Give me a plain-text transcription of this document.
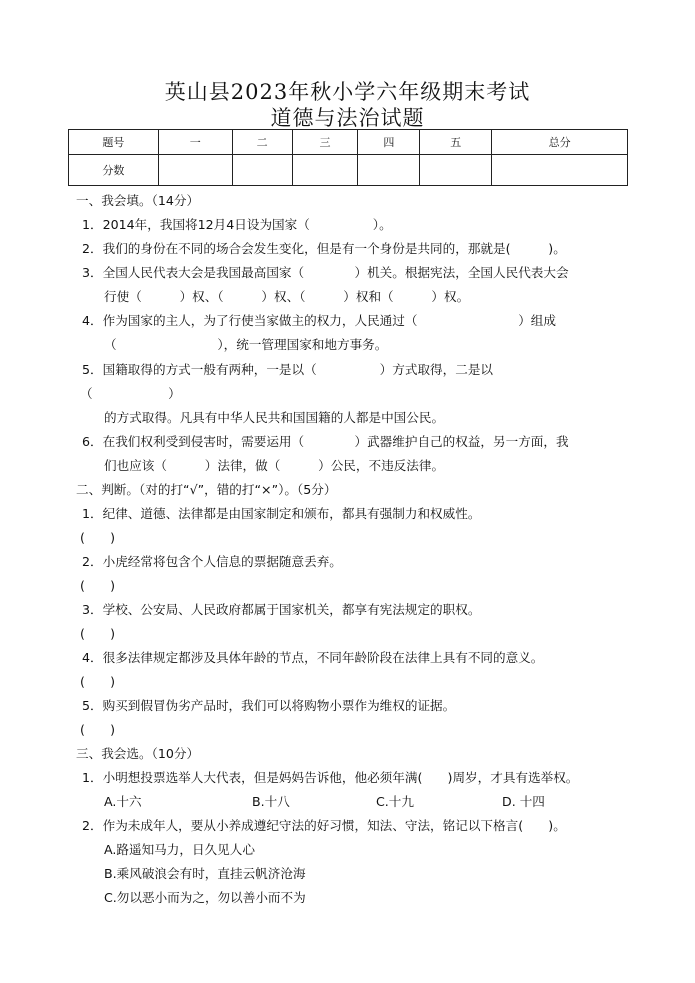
英山县2023年秋小学六年级期末考试
道德与法治试题
题号	一	二	三	四	五	总分
分数						
一、我会填。（14分）
1．2014年，我国将12月4日设为国家（　　　　　）。
2．我们的身份在不同的场合会发生变化，但是有一个身份是共同的，那就是(　　　)。
3．全国人民代表大会是我国最高国家（　　　　）机关。根据宪法，全国人民代表大会
行使（　　　）权、（　　　）权、（　　　）权和（　　　）权。
4．作为国家的主人，为了行使当家做主的权力，人民通过（　　　　　　　　）组成
（　　　　　　　　），统一管理国家和地方事务。
5．国籍取得的方式一般有两种，一是以（　　　　　）方式取得，二是以
（　　　　　　）
的方式取得。凡具有中华人民共和国国籍的人都是中国公民。
6．在我们权利受到侵害时，需要运用（　　　　）武器维护自己的权益，另一方面，我
们也应该（　　　）法律，做（　　　）公民，不违反法律。
二、判断。（对的打“√”，错的打“×”）。（5分）
1．纪律、道德、法律都是由国家制定和颁布，都具有强制力和权威性。
(　　)
2．小虎经常将包含个人信息的票据随意丢弃。
(　　)
3．学校、公安局、人民政府都属于国家机关，都享有宪法规定的职权。
(　　)
4．很多法律规定都涉及具体年龄的节点，不同年龄阶段在法律上具有不同的意义。
(　　)
5．购买到假冒伪劣产品时，我们可以将购物小票作为维权的证据。
(　　)
三、我会选。（10分）
1．小明想投票选举人大代表，但是妈妈告诉他，他必须年满(　　)周岁，才具有选举权。
A.十六	B.十八	C.十九	D. 十四
2．作为未成年人，要从小养成遵纪守法的好习惯，知法、守法，铭记以下格言(　　)。
A.路遥知马力，日久见人心
B.乘风破浪会有时，直挂云帆济沧海
C.勿以恶小而为之，勿以善小而不为
